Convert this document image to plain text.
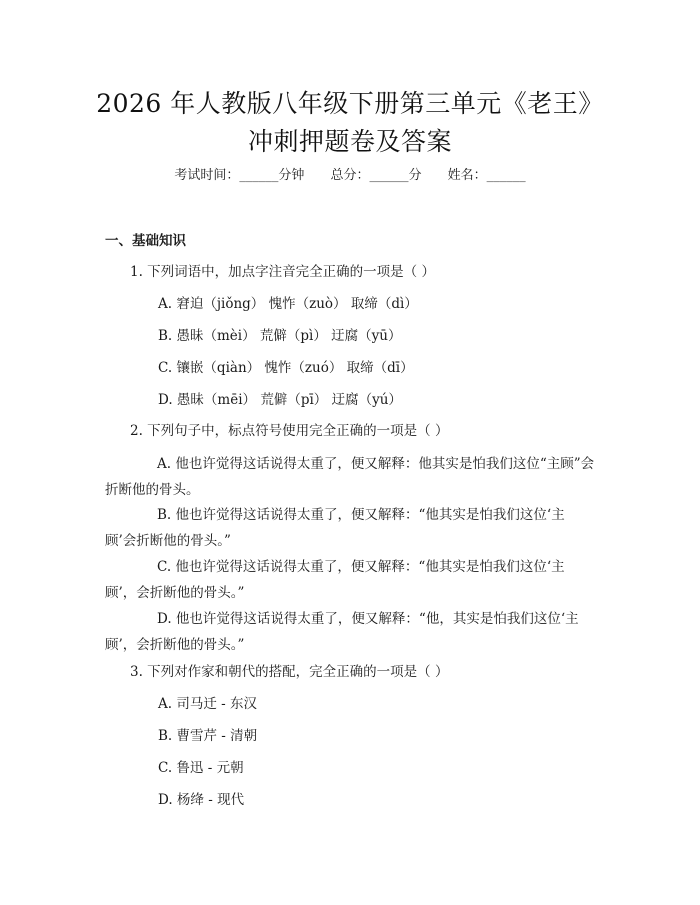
2026 年人教版八年级下册第三单元《老王》
冲刺押题卷及答案
考试时间：______分钟 总分：______分 姓名：______
一、基础知识
1. 下列词语中，加点字注音完全正确的一项是（ ）
A. 窘迫（jiǒng） 愧怍（zuò） 取缔（dì）
B. 愚昧（mèi） 荒僻（pì） 迂腐（yū）
C. 镶嵌（qiàn） 愧怍（zuó） 取缔（dī）
D. 愚昧（mēi） 荒僻（pī） 迂腐（yú）
2. 下列句子中，标点符号使用完全正确的一项是（ ）
A. 他也许觉得这话说得太重了，便又解释：他其实是怕我们这位“主顾”会折断他的骨头。
B. 他也许觉得这话说得太重了，便又解释：“他其实是怕我们这位‘主顾’会折断他的骨头。”
C. 他也许觉得这话说得太重了，便又解释：“他其实是怕我们这位‘主顾’，会折断他的骨头。”
D. 他也许觉得这话说得太重了，便又解释：“他，其实是怕我们这位‘主顾’，会折断他的骨头。”
3. 下列对作家和朝代的搭配，完全正确的一项是（ ）
A. 司马迁 - 东汉
B. 曹雪芹 - 清朝
C. 鲁迅 - 元朝
D. 杨绛 - 现代
